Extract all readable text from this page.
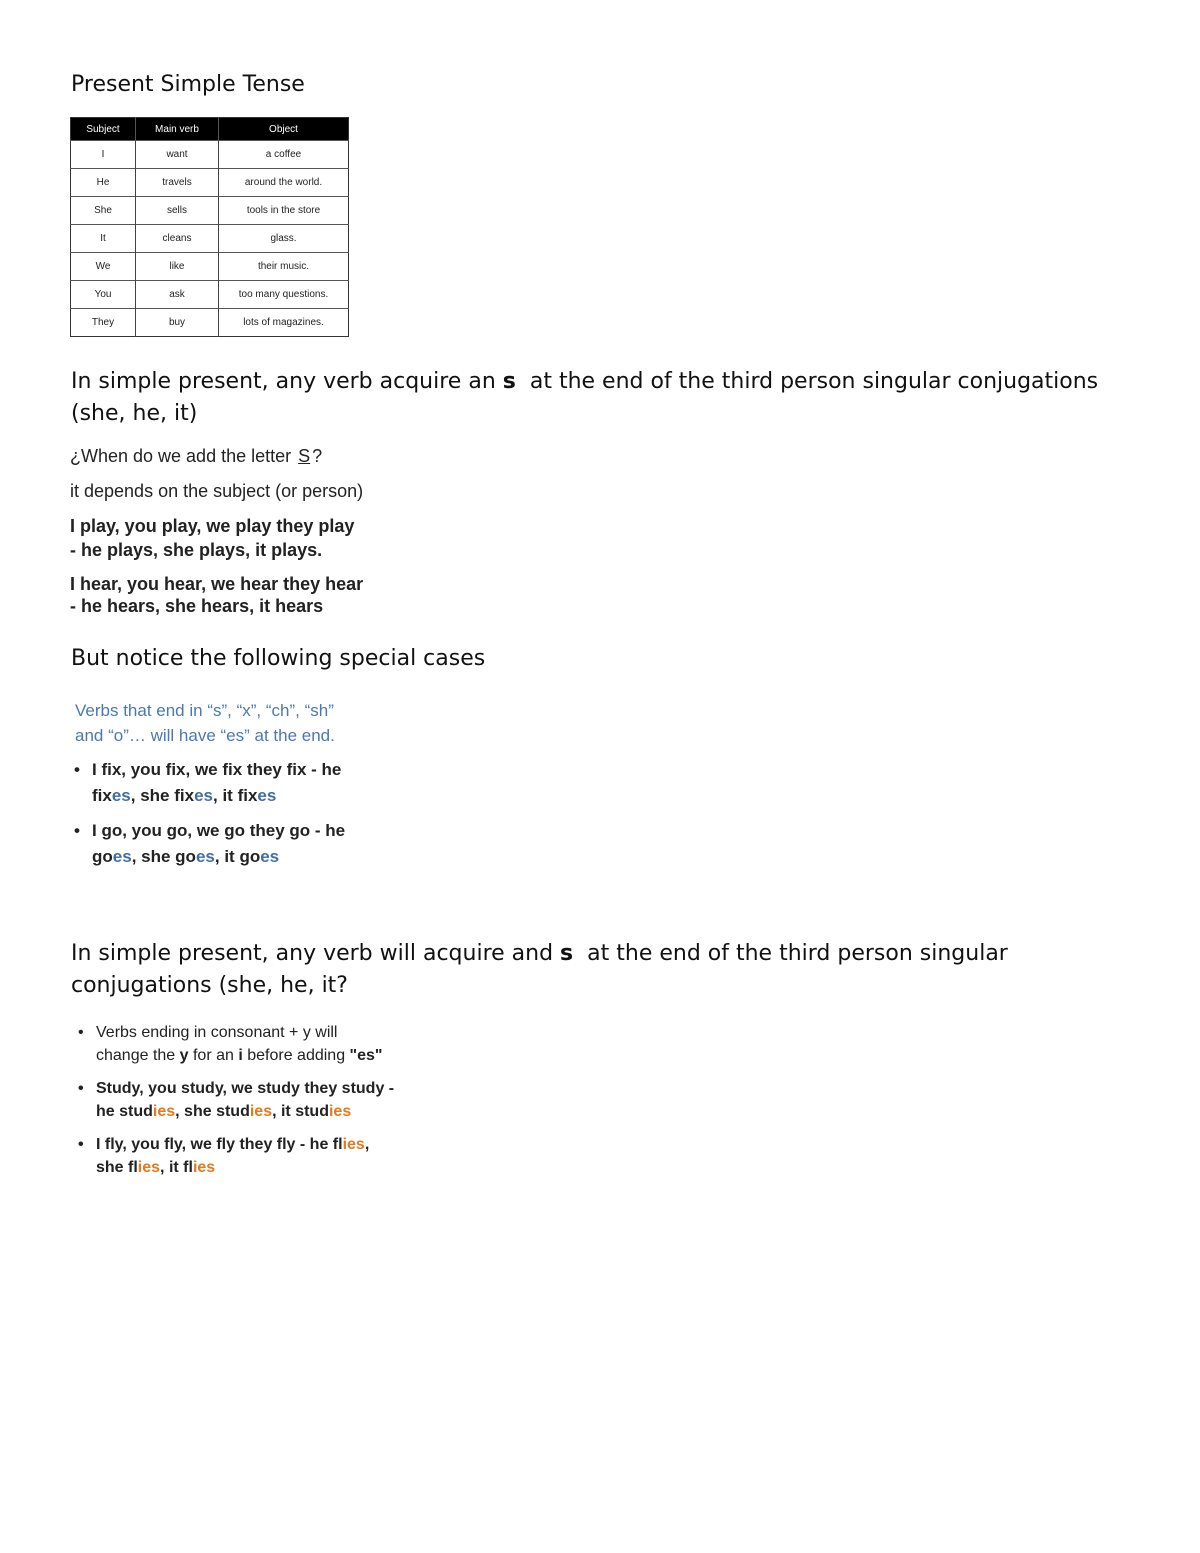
Present Simple Tense
Subject	Main verb	Object
I	want	a coffee
He	travels	around the world.
She	sells	tools in the store
It	cleans	glass.
We	like	their music.
You	ask	too many questions.
They	buy	lots of magazines.
In simple present, any verb acquire an s  at the end of the third person singular conjugations (she, he, it)
¿When do we add the letter S ?
it depends on the subject (or person)
I play, you play, we play they play
- he plays, she plays, it plays.
I hear, you hear, we hear they hear
- he hears, she hears, it hears
But notice the following special cases
Verbs that end in “s”, “x”, “ch”, “sh”
and “o”… will have “es” at the end.
• I fix, you fix, we fix they fix - he
fixes, she fixes, it fixes
• I go, you go, we go they go - he
goes, she goes, it goes
In simple present, any verb will acquire and s  at the end of the third person singular conjugations (she, he, it?
• Verbs ending in consonant + y will
change the y for an i before adding "es"
• Study, you study, we study they study -
he studies, she studies, it studies
• I fly, you fly, we fly they fly - he flies,
she flies, it flies
